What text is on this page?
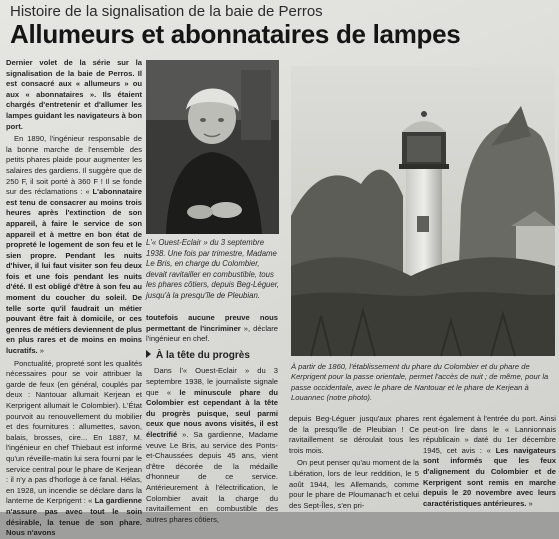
Histoire de la signalisation de la baie de Perros
Allumeurs et abonnataires de lampes

Dernier volet de la série sur la signalisation de la baie de Perros. Il est consacré aux « allumeurs » ou aux « abonnataires ». Ils étaient chargés d'entretenir et d'allumer les lampes guidant les navigateurs à bon port.

En 1890, l'ingénieur responsable de la bonne marche de l'ensemble des petits phares plaide pour augmenter les salaires des gardiens. Il suggère que de 250 F, il soit porté à 360 F ! Il se fonde sur des réclamations : « L'abonnataire est tenu de consacrer au moins trois heures après l'extinction de son appareil, à faire le service de son appareil et à mettre en bon état de propreté le logement de son feu et le sien propre. Pendant les nuits d'hiver, il lui faut visiter son feu deux fois et une fois pendant les nuits d'été. Il est obligé d'être à son feu au moment du coucher du soleil. De telle sorte qu'il faudrait un métier pouvant être fait à domicile, or ces genres de métiers deviennent de plus en plus rares et de moins en moins lucratifs. »

Ponctualité, propreté sont les qualités nécessaires pour se voir attribuer la garde de feux (en général, couplés par deux : Nantouar allumait Kerjean et Kerprigent allumait le Colombier). L'État pourvoit au renouvellement du mobilier et des fournitures : allumettes, savon, balais, brosses, cire... En 1887, M. l'ingénieur en chef Thiebaut est informé qu'un réveille-matin lui sera fourni par le service central pour le phare de Kerjean : il n'y a pas d'horloge à ce fanal. Hélas, en 1928, un incendie se déclare dans la lanterne de Kerprigent : « La gardienne n'assure pas avec tout le soin désirable, la tenue de son phare. Nous n'avons

L'« Ouest-Eclair » du 3 septembre 1938. Une fois par trimestre, Madame Le Bris, en charge du Colombier, devait ravitailler en combustible, tous les phares côtiers, depuis Beg-Léguer, jusqu'à la presqu'île de Pleubian.

toutefois aucune preuve nous permettant de l'incriminer », déclare l'ingénieur en chef.

À la tête du progrès

Dans l'« Ouest-Eclair » du 3 septembre 1938, le journaliste signale que « le minuscule phare du Colombier est cependant à la tête du progrès puisque, seul parmi ceux que nous avons visités, il est électrifié ». Sa gardienne, Madame veuve Le Bris, au service des Ponts-et-Chaussées depuis 45 ans, vient d'être décorée de la médaille d'honneur de ce service. Antérieurement à l'électrification, le Colombier avait la charge du ravitaillement en combustible des autres phares côtiers,

À partir de 1860, l'établissement du phare du Colombier et du phare de Kerprigent pour la passe orientale, permet l'accès de nuit ; de même, pour la passe occidentale, avec le phare de Nantouar et le phare de Kerjean à Louannec (notre photo).

depuis Beg-Léguer jusqu'aux phares de la presqu'île de Pleubian ! Ce ravitaillement se déroulait tous les trois mois.

On peut penser qu'au moment de la Libération, lors de leur reddition, le 5 août 1944, les Allemands, comme pour le phare de Ploumanac'h et celui des Sept-Îles, s'en pri-

rent également à l'entrée du port. Ainsi peut-on lire dans le « Lannionnais républicain » daté du 1er décembre 1945, cet avis : « Les navigateurs sont informés que les feux d'alignement du Colombier et de Kerprigent sont remis en marche depuis le 20 novembre avec leurs caractéristiques antérieures. »
